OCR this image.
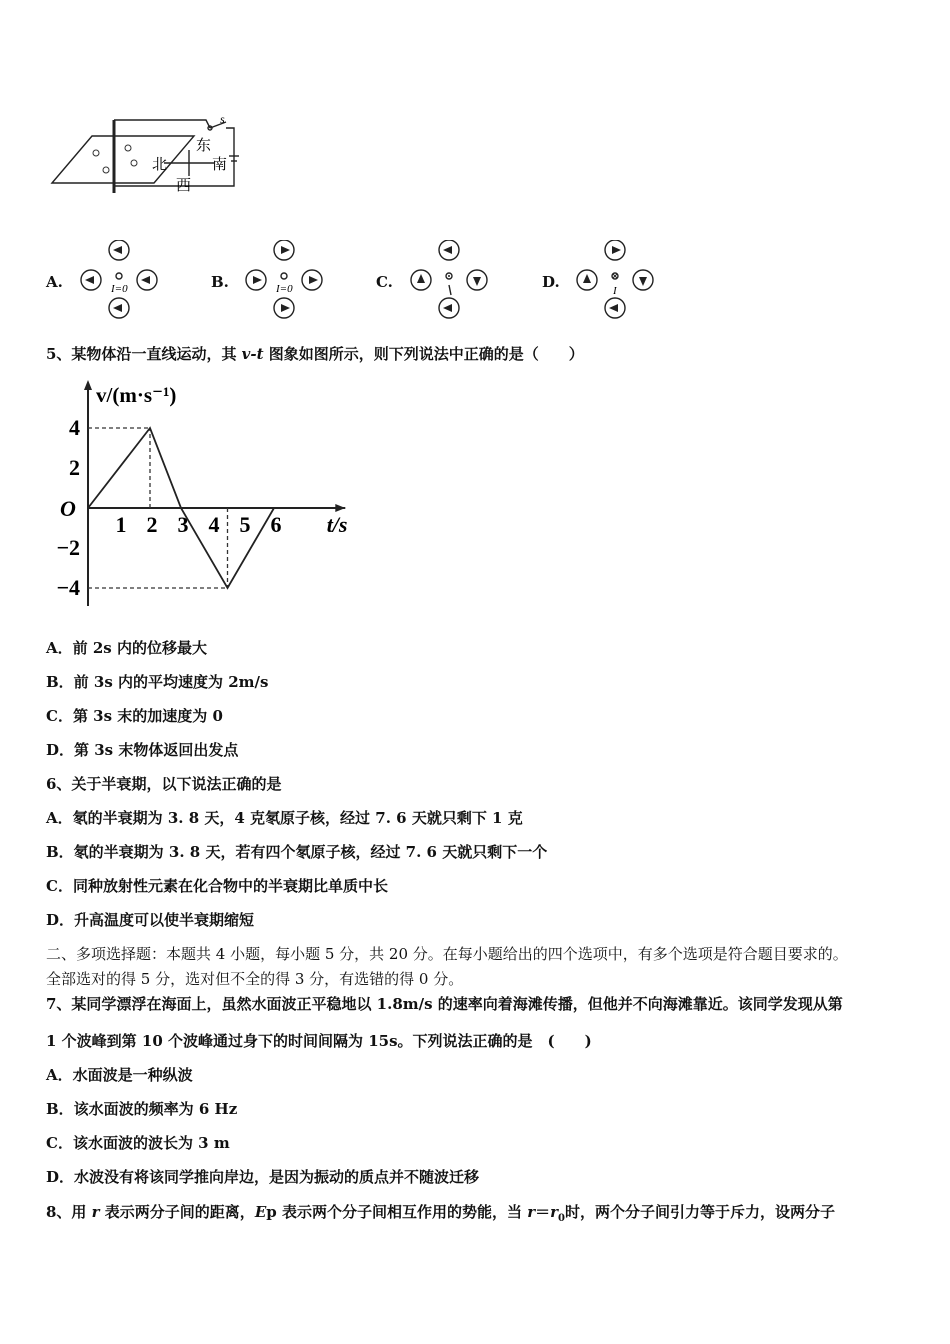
s
东
南
西
北
A.	I=0	B.	I=0	C.	D.	I
5、某物体沿一直线运动，其 v-t 图象如图所示，则下列说法中正确的是（　　）
4
2
−2
−4
1 2 3 4 5 6
O
v/(m·s⁻¹)
t/s
A．前 2s 内的位移最大
B．前 3s 内的平均速度为 2m/s
C．第 3s 末的加速度为 0
D．第 3s 末物体返回出发点
6、关于半衰期，以下说法正确的是
A．氡的半衰期为 3. 8 天，4 克氡原子核，经过 7. 6 天就只剩下 1 克
B．氡的半衰期为 3. 8 天，若有四个氡原子核，经过 7. 6 天就只剩下一个
C．同种放射性元素在化合物中的半衰期比单质中长
D．升高温度可以使半衰期缩短
二、多项选择题：本题共 4 小题，每小题 5 分，共 20 分。在每小题给出的四个选项中，有多个选项是符合题目要求的。
全部选对的得 5 分，选对但不全的得 3 分，有选错的得 0 分。
7、某同学漂浮在海面上，虽然水面波正平稳地以 1.8m/s 的速率向着海滩传播，但他并不向海滩靠近。该同学发现从第
1 个波峰到第 10 个波峰通过身下的时间间隔为 15s。下列说法正确的是　(　　)
A．水面波是一种纵波
B．该水面波的频率为 6 Hz
C．该水面波的波长为 3 m
D．水波没有将该同学推向岸边，是因为振动的质点并不随波迁移
8、用 r 表示两分子间的距离，Ep 表示两个分子间相互作用的势能，当 $r=r_0$时，两个分子间引力等于斥力，设两分子
